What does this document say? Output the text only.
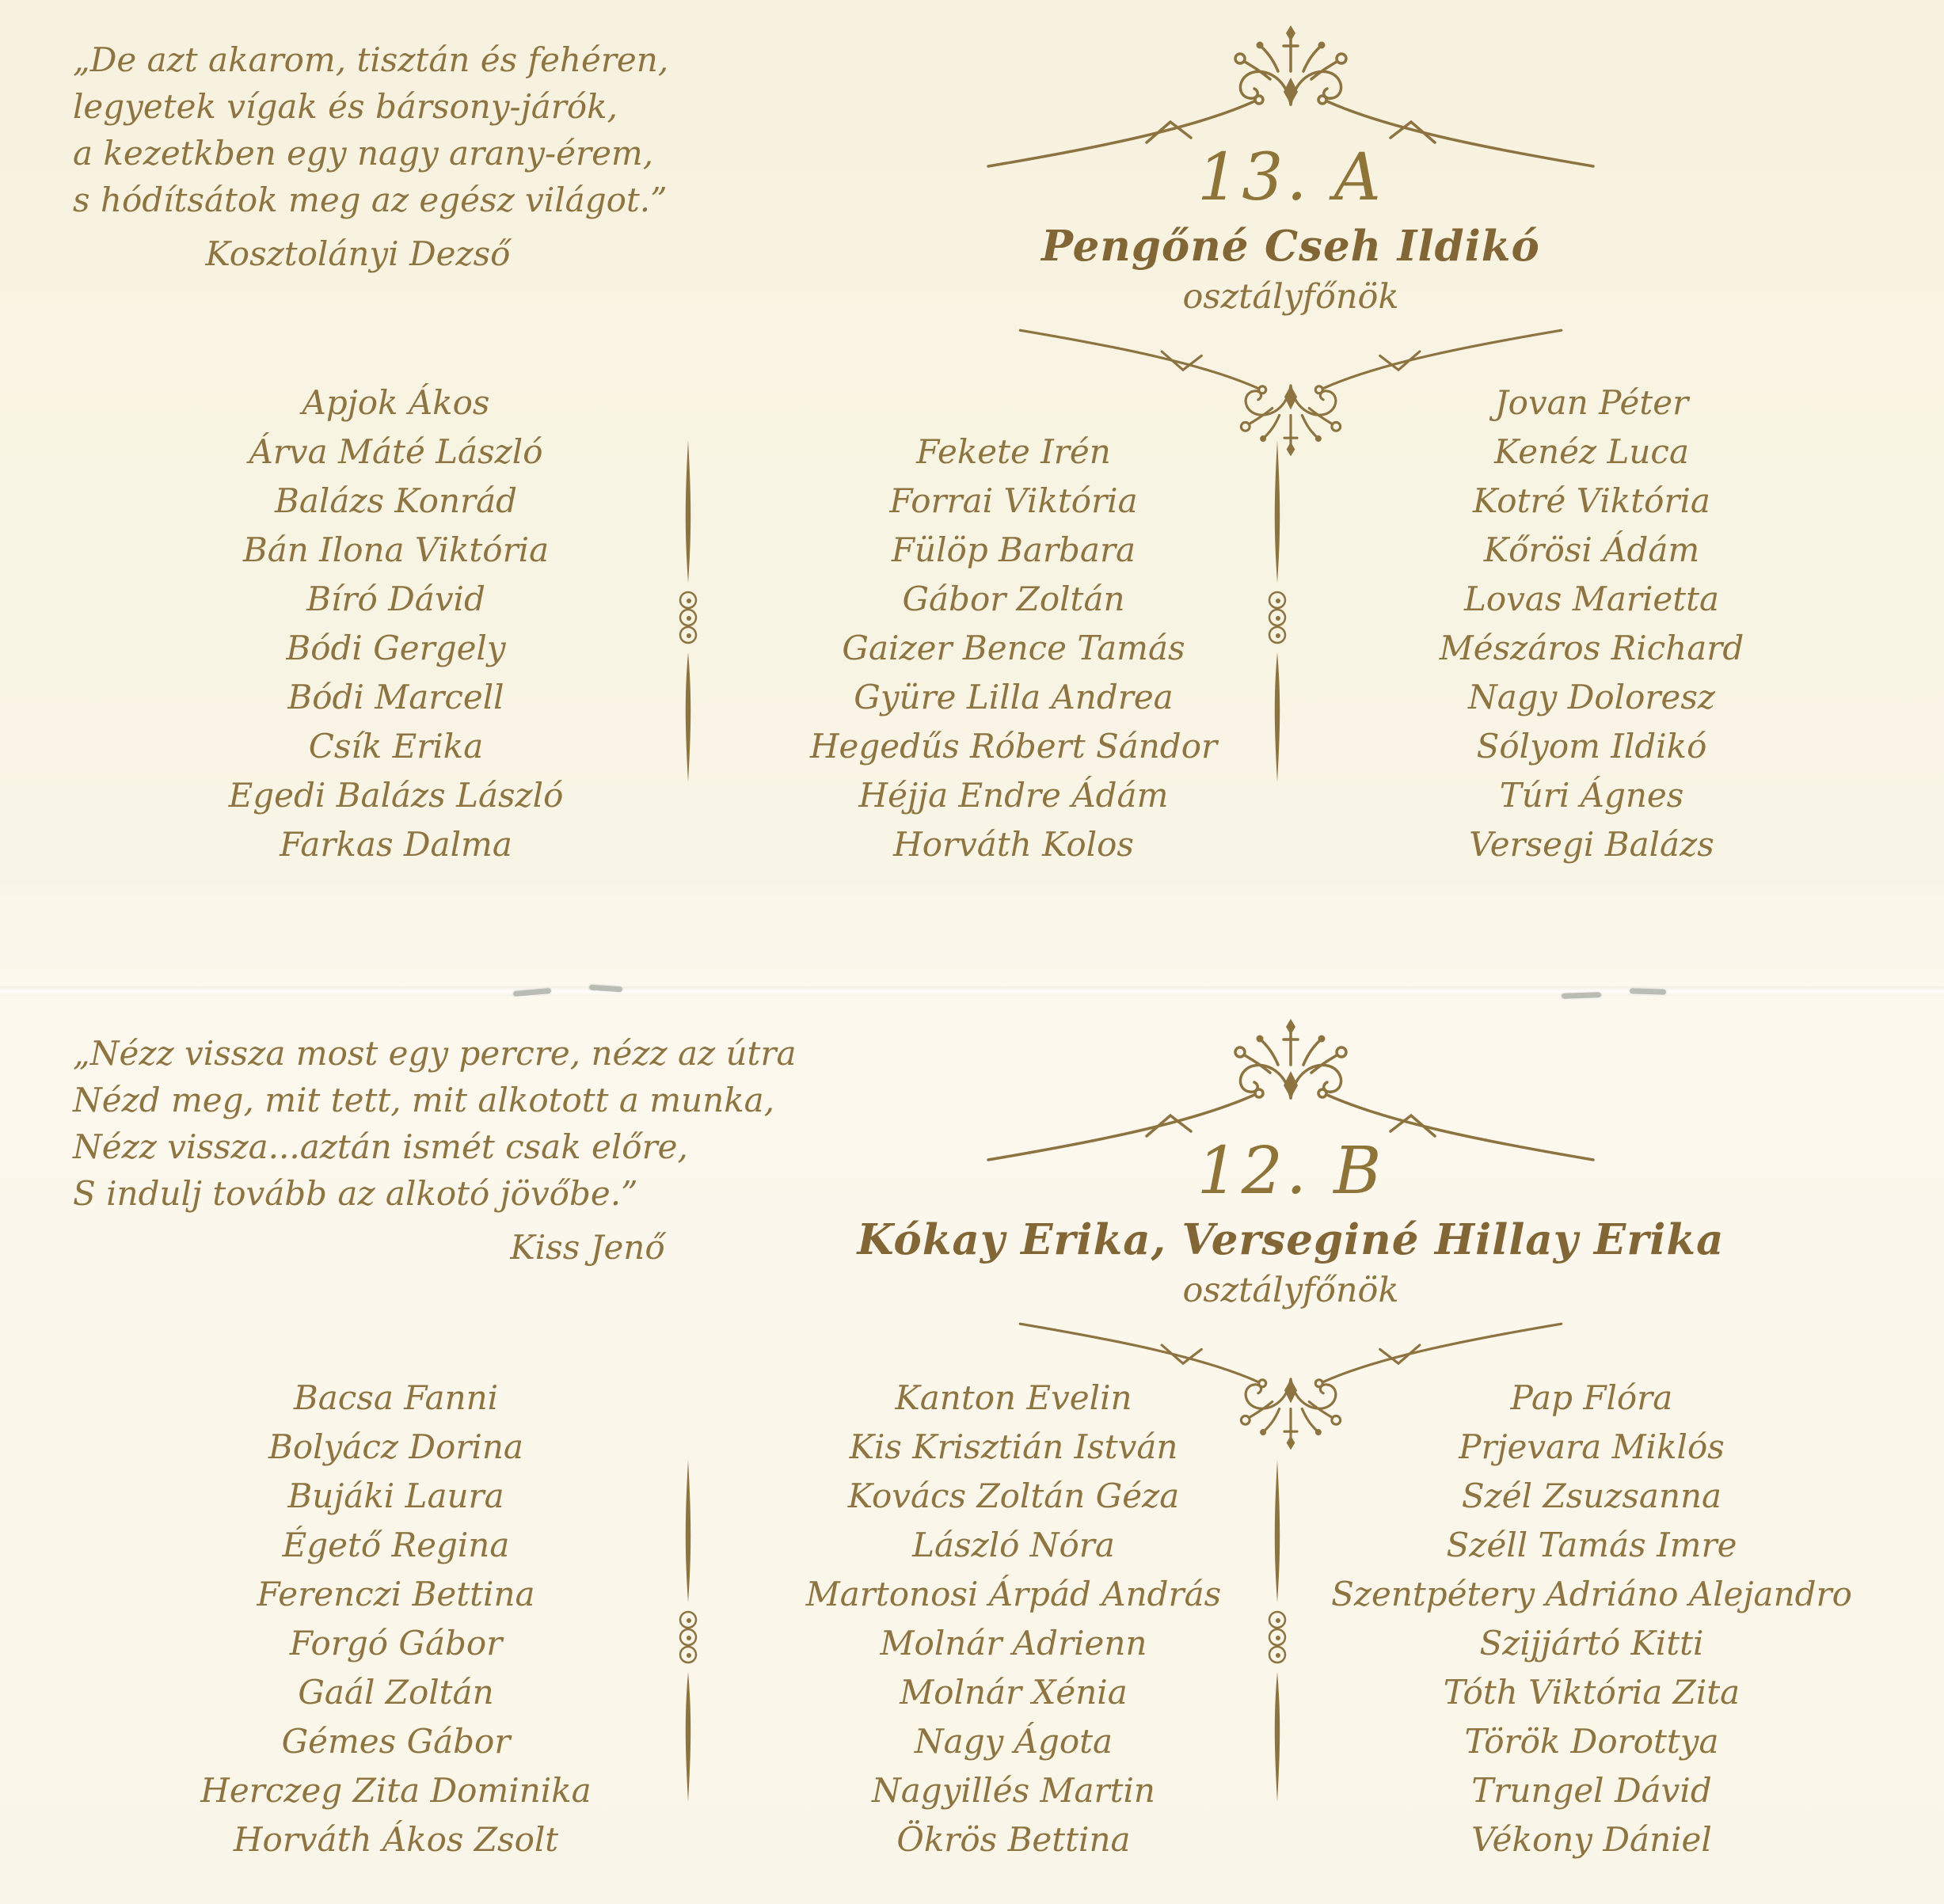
„De azt akarom, tisztán és fehéren,
legyetek vígak és bársony-járók,
a kezetkben egy nagy arany-érem,
s hódítsátok meg az egész világot.”
Kosztolányi Dezső
13. A
Pengőné Cseh Ildikó
osztályfőnök
Apjok Ákos
Árva Máté László
Balázs Konrád
Bán Ilona Viktória
Bíró Dávid
Bódi Gergely
Bódi Marcell
Csík Erika
Egedi Balázs László
Farkas Dalma
Fekete Irén
Forrai Viktória
Fülöp Barbara
Gábor Zoltán
Gaizer Bence Tamás
Gyüre Lilla Andrea
Hegedűs Róbert Sándor
Héjja Endre Ádám
Horváth Kolos
Jovan Péter
Kenéz Luca
Kotré Viktória
Kőrösi Ádám
Lovas Marietta
Mészáros Richard
Nagy Doloresz
Sólyom Ildikó
Túri Ágnes
Versegi Balázs
„Nézz vissza most egy percre, nézz az útra
Nézd meg, mit tett, mit alkotott a munka,
Nézz vissza...aztán ismét csak előre,
S indulj tovább az alkotó jövőbe.”
Kiss Jenő
12. B
Kókay Erika, Verseginé Hillay Erika
osztályfőnök
Bacsa Fanni
Bolyácz Dorina
Bujáki Laura
Égető Regina
Ferenczi Bettina
Forgó Gábor
Gaál Zoltán
Gémes Gábor
Herczeg Zita Dominika
Horváth Ákos Zsolt
Kanton Evelin
Kis Krisztián István
Kovács Zoltán Géza
László Nóra
Martonosi Árpád András
Molnár Adrienn
Molnár Xénia
Nagy Ágota
Nagyillés Martin
Ökrös Bettina
Pap Flóra
Prjevara Miklós
Szél Zsuzsanna
Széll Tamás Imre
Szentpétery Adriáno Alejandro
Szijjártó Kitti
Tóth Viktória Zita
Török Dorottya
Trungel Dávid
Vékony Dániel
